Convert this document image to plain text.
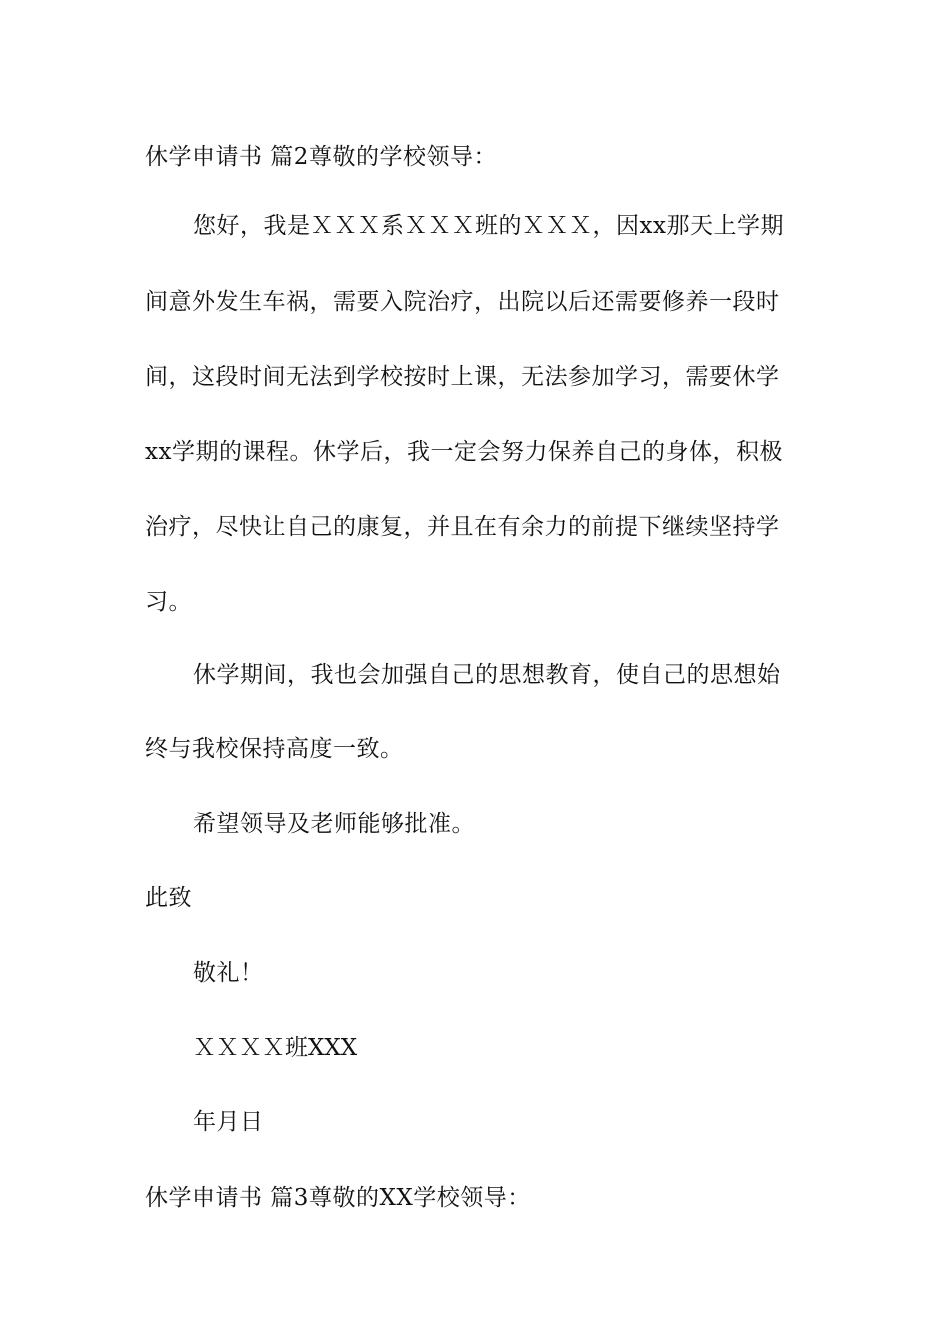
休学申请书 篇2尊敬的学校领导：
您好，我是ＸＸＸ系ＸＸＸ班的ＸＸＸ，因xx那天上学期
间意外发生车祸，需要入院治疗，出院以后还需要修养一段时
间，这段时间无法到学校按时上课，无法参加学习，需要休学
xx学期的课程。休学后，我一定会努力保养自己的身体，积极
治疗，尽快让自己的康复，并且在有余力的前提下继续坚持学
习。
休学期间，我也会加强自己的思想教育，使自己的思想始
终与我校保持高度一致。
希望领导及老师能够批准。
此致
敬礼！
ＸＸＸＸ班XXX
年月日
休学申请书 篇3尊敬的XX学校领导：
